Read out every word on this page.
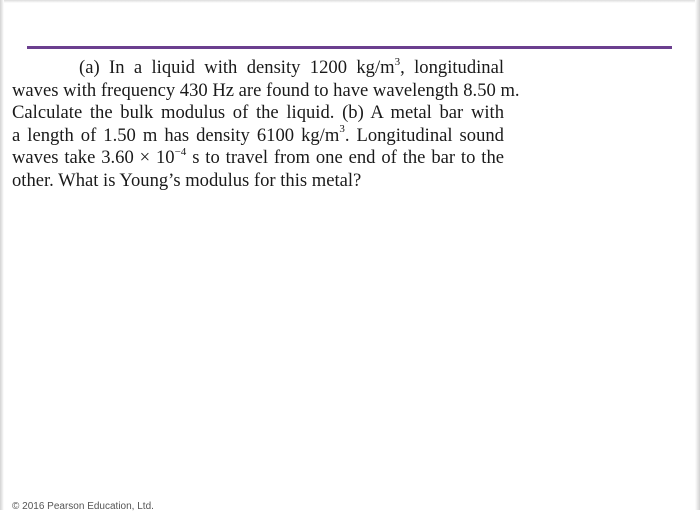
(a) In a liquid with density 1200 $kg/m^3$, longitudinal
waves with frequency 430 Hz are found to have wavelength 8.50 m.
Calculate the bulk modulus of the liquid. (b) A metal bar with
a length of 1.50 m has density 6100 $kg/m^3$. Longitudinal sound
waves take $3.60 \times 10^{-4}$ s to travel from one end of the bar to the
other. What is Young’s modulus for this metal?

© 2016 Pearson Education, Ltd.
